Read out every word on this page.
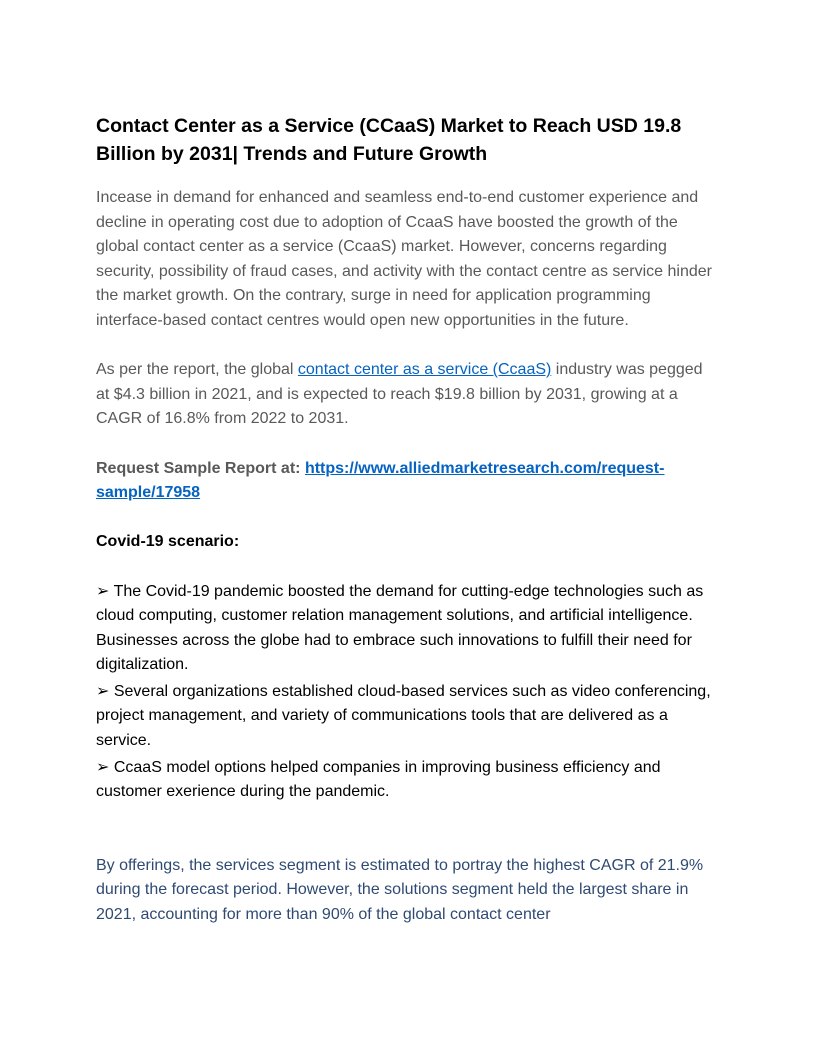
Contact Center as a Service (CCaaS) Market to Reach USD 19.8 Billion by 2031| Trends and Future Growth

Incease in demand for enhanced and seamless end-to-end customer experience and decline in operating cost due to adoption of CcaaS have boosted the growth of the global contact center as a service (CcaaS) market. However, concerns regarding security, possibility of fraud cases, and activity with the contact centre as service hinder the market growth. On the contrary, surge in need for application programming interface-based contact centres would open new opportunities in the future.

As per the report, the global contact center as a service (CcaaS) industry was pegged at $4.3 billion in 2021, and is expected to reach $19.8 billion by 2031, growing at a CAGR of 16.8% from 2022 to 2031.

Request Sample Report at: https://www.alliedmarketresearch.com/request-sample/17958

Covid-19 scenario:

➢ The Covid-19 pandemic boosted the demand for cutting-edge technologies such as cloud computing, customer relation management solutions, and artificial intelligence. Businesses across the globe had to embrace such innovations to fulfill their need for digitalization.

➢ Several organizations established cloud-based services such as video conferencing, project management, and variety of communications tools that are delivered as a service.

➢ CcaaS model options helped companies in improving business efficiency and customer exerience during the pandemic.

By offerings, the services segment is estimated to portray the highest CAGR of 21.9% during the forecast period. However, the solutions segment held the largest share in 2021, accounting for more than 90% of the global contact center
